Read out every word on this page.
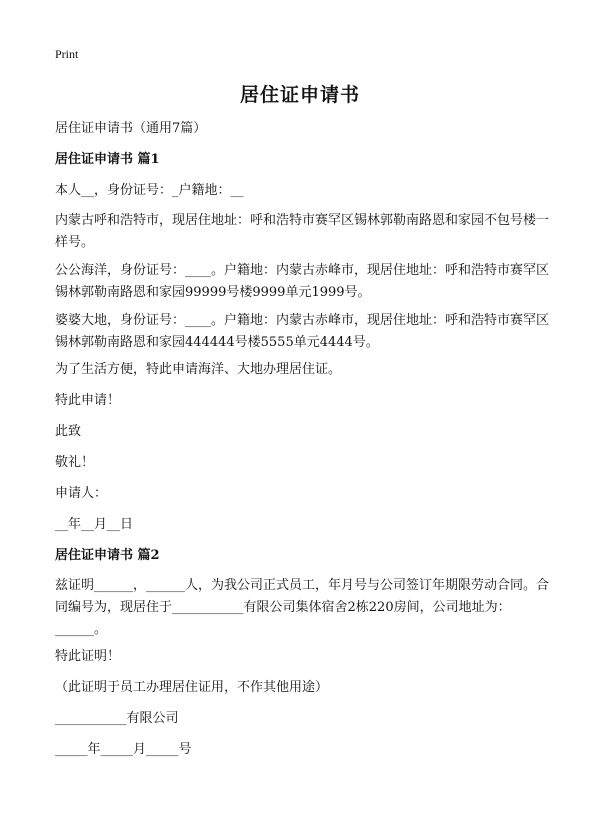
Print
居住证申请书
居住证申请书（通用7篇）
居住证申请书 篇1
本人__，身份证号：_户籍地：__
内蒙古呼和浩特市，现居住地址：呼和浩特市赛罕区锡林郭勒南路恩和家园不包号楼一样号。
公公海洋，身份证号：____。户籍地：内蒙古赤峰市，现居住地址：呼和浩特市赛罕区锡林郭勒南路恩和家园99999号楼9999单元1999号。
婆婆大地，身份证号：____。户籍地：内蒙古赤峰市，现居住地址：呼和浩特市赛罕区锡林郭勒南路恩和家园444444号楼5555单元4444号。
为了生活方便，特此申请海洋、大地办理居住证。
特此申请！
此致
敬礼！
申请人：
__年__月__日
居住证申请书 篇2
兹证明______，______人，为我公司正式员工，年月号与公司签订年期限劳动合同。合同编号为，现居住于___________有限公司集体宿舍2栋220房间，公司地址为：______。
特此证明！
（此证明于员工办理居住证用，不作其他用途）
___________有限公司
_____年_____月_____号
